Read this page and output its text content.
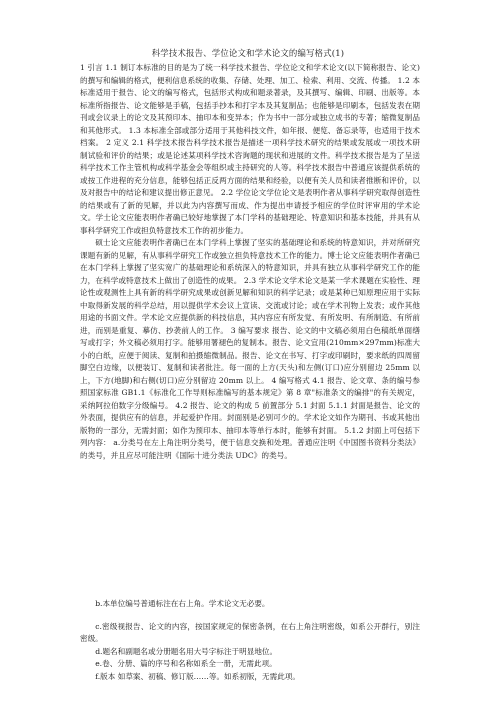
科学技术报告、学位论文和学术论文的编写格式(1)

1 引言 1.1 制订本标准的目的是为了统一科学技术报告、学位论文和学术论文(以下简称报告、论文)的撰写和编辑的格式，便利信息系统的收集、存储、处理、加工、检索、利用、交流、传播。 1.2 本标准适用于报告、论文的编写格式，包括形式构成和题录著录，及其撰写、编辑、印刷、出版等。本标准所指报告、论文能够是手稿，包括手抄本和打字本及其复制品；也能够是印刷本，包括发表在期刊或会议录上的论文及其预印本、抽印本和变异本；作为书中一部分或独立成书的专著；缩微复制品和其他形式。 1.3 本标准全部或部分适用于其他科技文件，如年报、便览、备忘录等，也适用于技术档案。 2 定义 2.1 科学技术报告科学技术报告是描述一项科学技术研究的结果或发展或一项技术研制试验和评价的结果；或是论述某项科学技术咨询题的现状和进展的文件。科学技术报告是为了呈送科学技术工作主管机构或科学基金会等组织或主持研究的人等。科学技术报告中普通应该提供系统的或按工作进程的充分信息，能够包括正反两方面的结果和经验，以便有关人员和读者推断和评价，以及对报告中的结论和建议提出修正意见。 2.2 学位论文学位论文是表明作者从事科学研究取得创造性的结果或有了新的见解，并以此为内容撰写而成、作为提出申请授予相应的学位时评审用的学术论文。学士论文应能表明作者确已较好地掌握了本门学科的基础理论、特意知识和基本技能，并具有从事科学研究工作或担负特意技术工作的初步能力。

硕士论文应能表明作者确已在本门学科上掌握了坚实的基础理论和系统的特意知识，并对所研究课题有新的见解，有从事科学研究工作或独立担负特意技术工作的能力。博士论文应能表明作者确已在本门学科上掌握了坚实宽广的基础理论和系统深入的特意知识，并具有独立从事科学研究工作的能力，在科学或特意技术上做出了创造性的成果。 2.3 学术论文学术论文是某一学术课题在实验性、理论性或观测性上具有新的科学研究成果或创新见解和知识的科学记录；或是某种已知原理应用于实际中取得新发展的科学总结，用以提供学术会议上宣读、交流或讨论；或在学术刊物上发表；或作其他用途的书面文件。学术论文应提供新的科技信息，其内容应有所发觉、有所发明、有所制造、有所前进，而别是重复、摹仿、抄袭前人的工作。 3 编写要求 报告、论文的中文稿必须用白色稿纸单面缮写或打字；外文稿必须用打字。能够用署褪色的复制本。报告、论文宜用(210mm×297mm)标准大小的白纸，应便于阅读、复制和拍摄缩微制品。报告、论文在书写、打字或印刷时，要求纸的四周留脚空白边缘，以便装订、复制和读者批注。每一面的上方(天头)和左侧(订口)应分别留边 25mm 以上，下方(地脚)和右侧(切口)应分别留边 20mm 以上。 4 编写格式 4.1 报告、论文章、条的编号参照国家标准 GB1.1《标准化工作导则标准编写的基本规定》第 8 章"标准条文的编排"的有关规定，采纳阿拉伯数字分级编号。 4.2 报告、论文的构成 5 前置部分 5.1 封面 5.1.1 封面是报告、论文的外表面，提供应有的信息，并起爱护作用。封面别是必别可少的。学术论文如作为期刊、书或其他出版物的一部分，无需封面；如作为预印本、抽印本等单行本时，能够有封面。 5.1.2 封面上可包括下列内容： a.分类号在左上角注明分类号，便于信息交换和处理。普通应注明《中国图书资料分类法》的类号，并且应尽可能注明《国际十进分类法 UDC》的类号。

b.本单位编号普通标注在右上角。学术论文无必要。

c.密级视报告、论文的内容，按国家规定的保密条例，在右上角注明密级，如系公开群行，别注密级。

d.题名和副题名或分册题名用大号字标注于明显地位。

e.卷、分册、篇的序号和名称如系全一册，无需此项。

f.版本 如草案、初稿、修订版……等。如系初版，无需此项。
